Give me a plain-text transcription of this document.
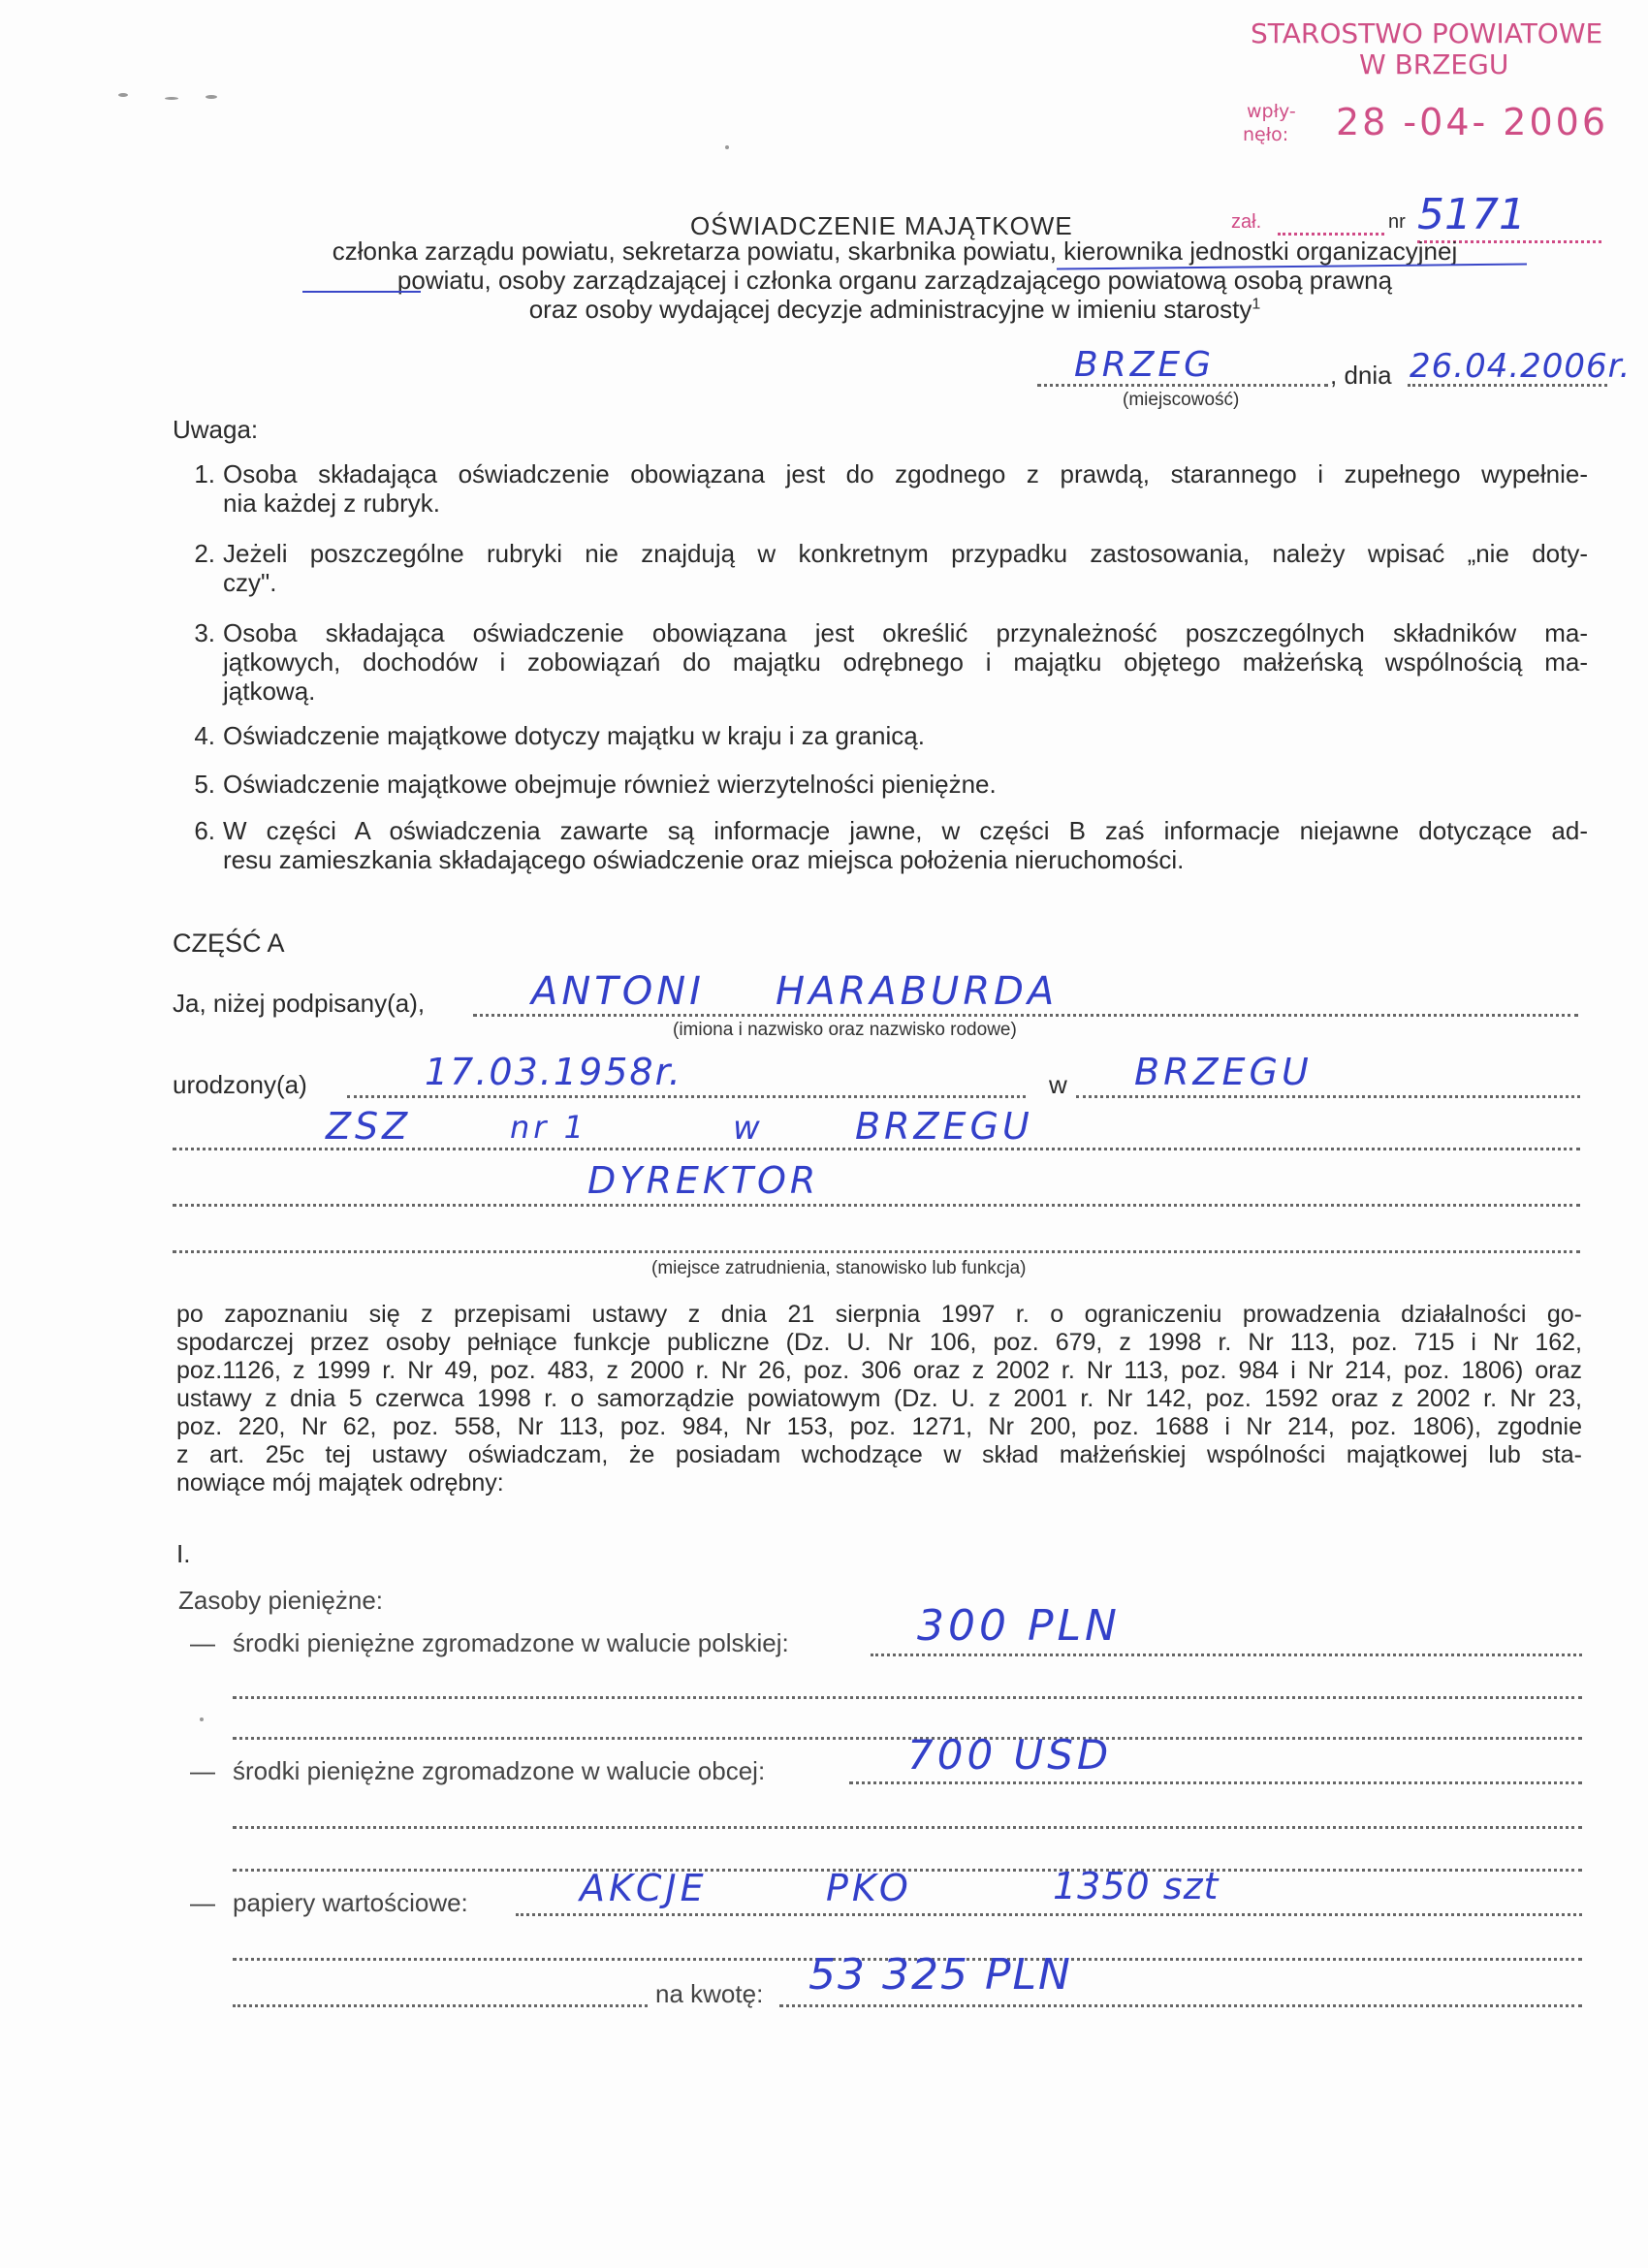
STAROSTWO POWIATOWE
W BRZEGU
wpły-
nęło: 28 -04- 2006
OŚWIADCZENIE MAJĄTKOWE	zał.	nr 5171
członka zarządu powiatu, sekretarza powiatu, skarbnika powiatu, kierownika jednostki organizacyjnej
powiatu, osoby zarządzającej i członka organu zarządzającego powiatową osobą prawną
oraz osoby wydającej decyzje administracyjne w imieniu starosty$^1$
BRZEG	, dnia 26.04.2006r.
(miejscowość)
Uwaga:
1. Osoba składająca oświadczenie obowiązana jest do zgodnego z prawdą, starannego i zupełnego wypełnie-
nia każdej z rubryk.
2. Jeżeli poszczególne rubryki nie znajdują w konkretnym przypadku zastosowania, należy wpisać „nie doty-
czy".
3. Osoba składająca oświadczenie obowiązana jest określić przynależność poszczególnych składników ma-
jątkowych, dochodów i zobowiązań do majątku odrębnego i majątku objętego małżeńską wspólnością ma-
jątkową.
4. Oświadczenie majątkowe dotyczy majątku w kraju i za granicą.
5. Oświadczenie majątkowe obejmuje również wierzytelności pieniężne.
6. W części A oświadczenia zawarte są informacje jawne, w części B zaś informacje niejawne dotyczące ad-
resu zamieszkania składającego oświadczenie oraz miejsca położenia nieruchomości.
CZĘŚĆ A
Ja, niżej podpisany(a),	ANTONI HARABURDA
(imiona i nazwisko oraz nazwisko rodowe)
urodzony(a)	17.03.1958r.	w BRZEGU
ZSZ	nr 1	w BRZEGU
DYREKTOR
(miejsce zatrudnienia, stanowisko lub funkcja)
po zapoznaniu się z przepisami ustawy z dnia 21 sierpnia 1997 r. o ograniczeniu prowadzenia działalności go-
spodarczej przez osoby pełniące funkcje publiczne (Dz. U. Nr 106, poz. 679, z 1998 r. Nr 113, poz. 715 i Nr 162,
poz.1126, z 1999 r. Nr 49, poz. 483, z 2000 r. Nr 26, poz. 306 oraz z 2002 r. Nr 113, poz. 984 i Nr 214, poz. 1806) oraz
ustawy z dnia 5 czerwca 1998 r. o samorządzie powiatowym (Dz. U. z 2001 r. Nr 142, poz. 1592 oraz z 2002 r. Nr 23,
poz. 220, Nr 62, poz. 558, Nr 113, poz. 984, Nr 153, poz. 1271, Nr 200, poz. 1688 i Nr 214, poz. 1806), zgodnie
z art. 25c tej ustawy oświadczam, że posiadam wchodzące w skład małżeńskiej wspólności majątkowej lub sta-
nowiące mój majątek odrębny:
I.
Zasoby pieniężne:
— środki pieniężne zgromadzone w walucie polskiej:	300 PLN
— środki pieniężne zgromadzone w walucie obcej:	700 USD
— papiery wartościowe:	AKCJE	PKO	1350 szt
na kwotę: 53 325 PLN
